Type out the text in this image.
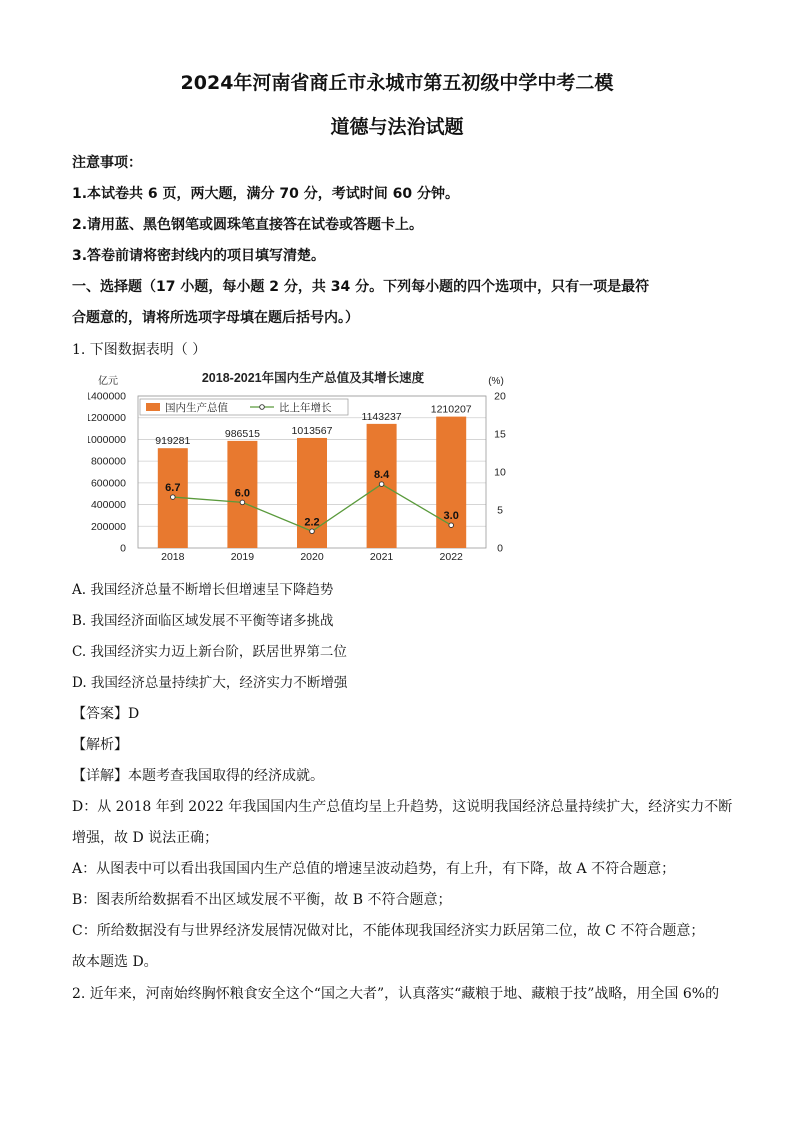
2024年河南省商丘市永城市第五初级中学中考二模
道德与法治试题
注意事项：
1.本试卷共 6 页，两大题，满分 70 分，考试时间 60 分钟。
2.请用蓝、黑色钢笔或圆珠笔直接答在试卷或答题卡上。
3.答卷前请将密封线内的项目填写清楚。
一、选择题（17 小题，每小题 2 分，共 34 分。下列每小题的四个选项中，只有一项是最符
合题意的，请将所选项字母填在题后括号内。）
1. 下图数据表明（ ）
2018-2021年国内生产总值及其增长速度
亿元	(%)
0
200000
400000
600000
800000
1000000
1200000
1400000
0
5
10
15
20
919281
2018
986515
2019
1013567
2020
1143237
2021
1210207
2022
6.7	6.0
2.2
8.4
3.0
国内生产总值	比上年增长
A. 我国经济总量不断增长但增速呈下降趋势
B. 我国经济面临区域发展不平衡等诸多挑战
C. 我国经济实力迈上新台阶，跃居世界第二位
D. 我国经济总量持续扩大，经济实力不断增强
【答案】D
【解析】
【详解】本题考查我国取得的经济成就。
D：从 2018 年到 2022 年我国国内生产总值均呈上升趋势，这说明我国经济总量持续扩大，经济实力不断
增强，故 D 说法正确；
A：从图表中可以看出我国国内生产总值的增速呈波动趋势，有上升，有下降，故 A 不符合题意；
B：图表所给数据看不出区域发展不平衡，故 B 不符合题意；
C：所给数据没有与世界经济发展情况做对比，不能体现我国经济实力跃居第二位，故 C 不符合题意；
故本题选 D。
2. 近年来，河南始终胸怀粮食安全这个“国之大者”，认真落实“藏粮于地、藏粮于技”战略，用全国 6%的
